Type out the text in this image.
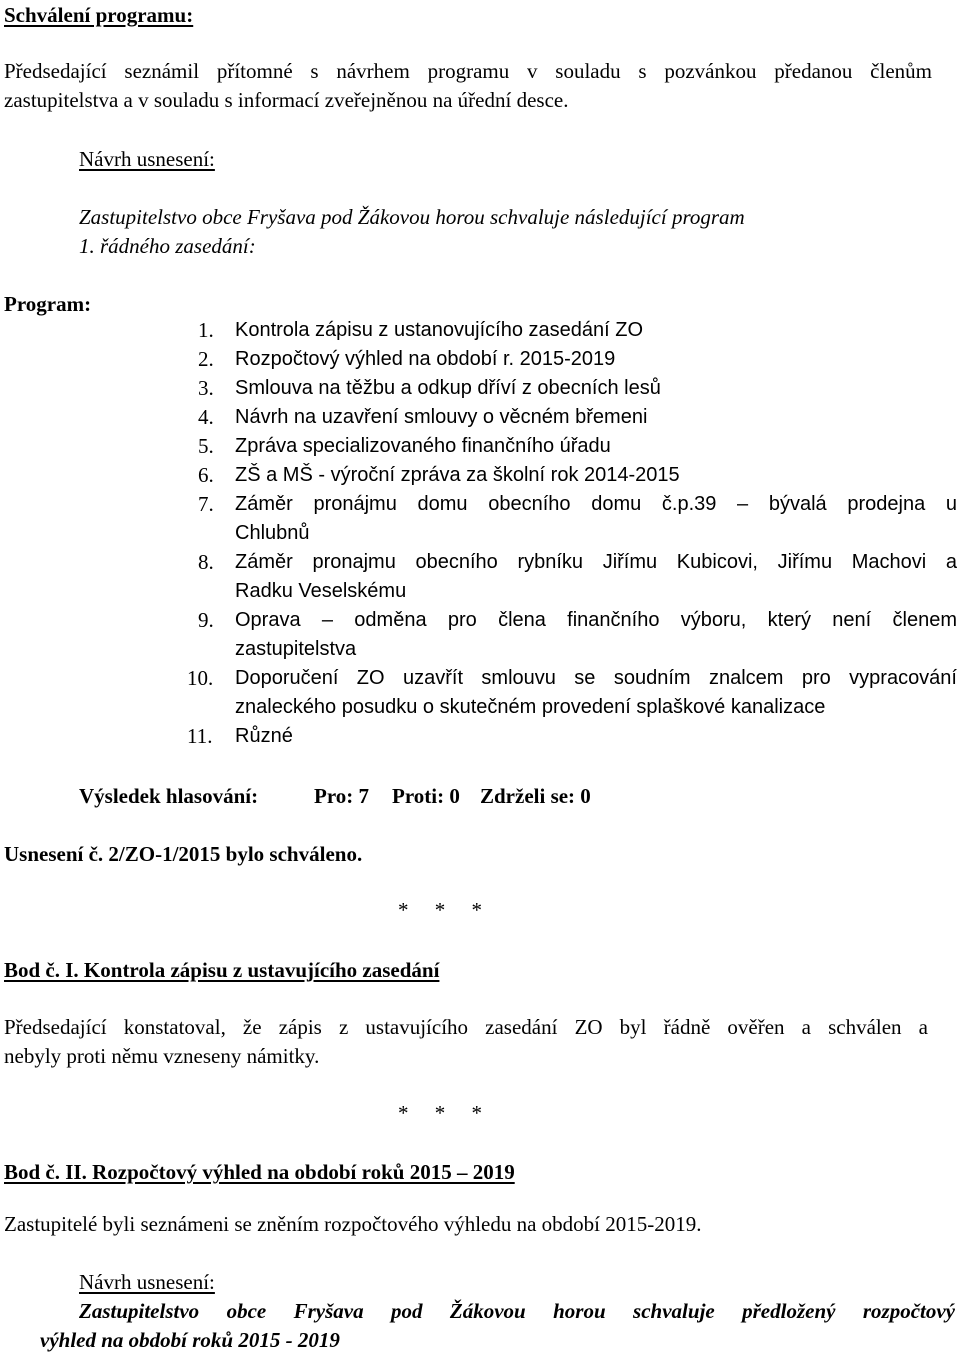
Schválení programu:
Předsedající seznámil přítomné s návrhem programu v souladu s pozvánkou předanou členům
zastupitelstva a v souladu s informací zveřejněnou na úřední desce.
Návrh usnesení:
Zastupitelstvo obce Fryšava pod Žákovou horou schvaluje následující program
1. řádného zasedání:
Program:
1. Kontrola zápisu z ustanovujícího zasedání ZO
2. Rozpočtový výhled na období r. 2015-2019
3. Smlouva na těžbu a odkup dříví z obecních lesů
4. Návrh na uzavření smlouvy o věcném břemeni
5. Zpráva specializovaného finančního úřadu
6. ZŠ a MŠ - výroční zpráva za školní rok 2014-2015
7. Záměr pronájmu domu obecního domu č.p.39 – bývalá prodejna u
Chlubnů
8. Záměr pronajmu obecního rybníku Jiřímu Kubicovi, Jiřímu Machovi a
Radku Veselskému
9. Oprava – odměna pro člena finančního výboru, který není členem
zastupitelstva
10. Doporučení ZO uzavřít smlouvu se soudním znalcem pro vypracování
znaleckého posudku o skutečném provedení splaškové kanalizace
11. Různé
Výsledek hlasování:	Pro: 7 Proti: 0 Zdrželi se: 0
Usnesení č. 2/ZO-1/2015 bylo schváleno.
*     *     *
Bod č. I. Kontrola zápisu z ustavujícího zasedání
Předsedající konstatoval, že zápis z ustavujícího zasedání ZO byl řádně ověřen a schválen a
nebyly proti němu vzneseny námitky.
*     *     *
Bod č. II. Rozpočtový výhled na období roků 2015 – 2019
Zastupitelé byli seznámeni se zněním rozpočtového výhledu na období 2015-2019.
Návrh usnesení:
Zastupitelstvo obce Fryšava pod Žákovou horou schvaluje předložený rozpočtový
výhled na období roků 2015 - 2019
